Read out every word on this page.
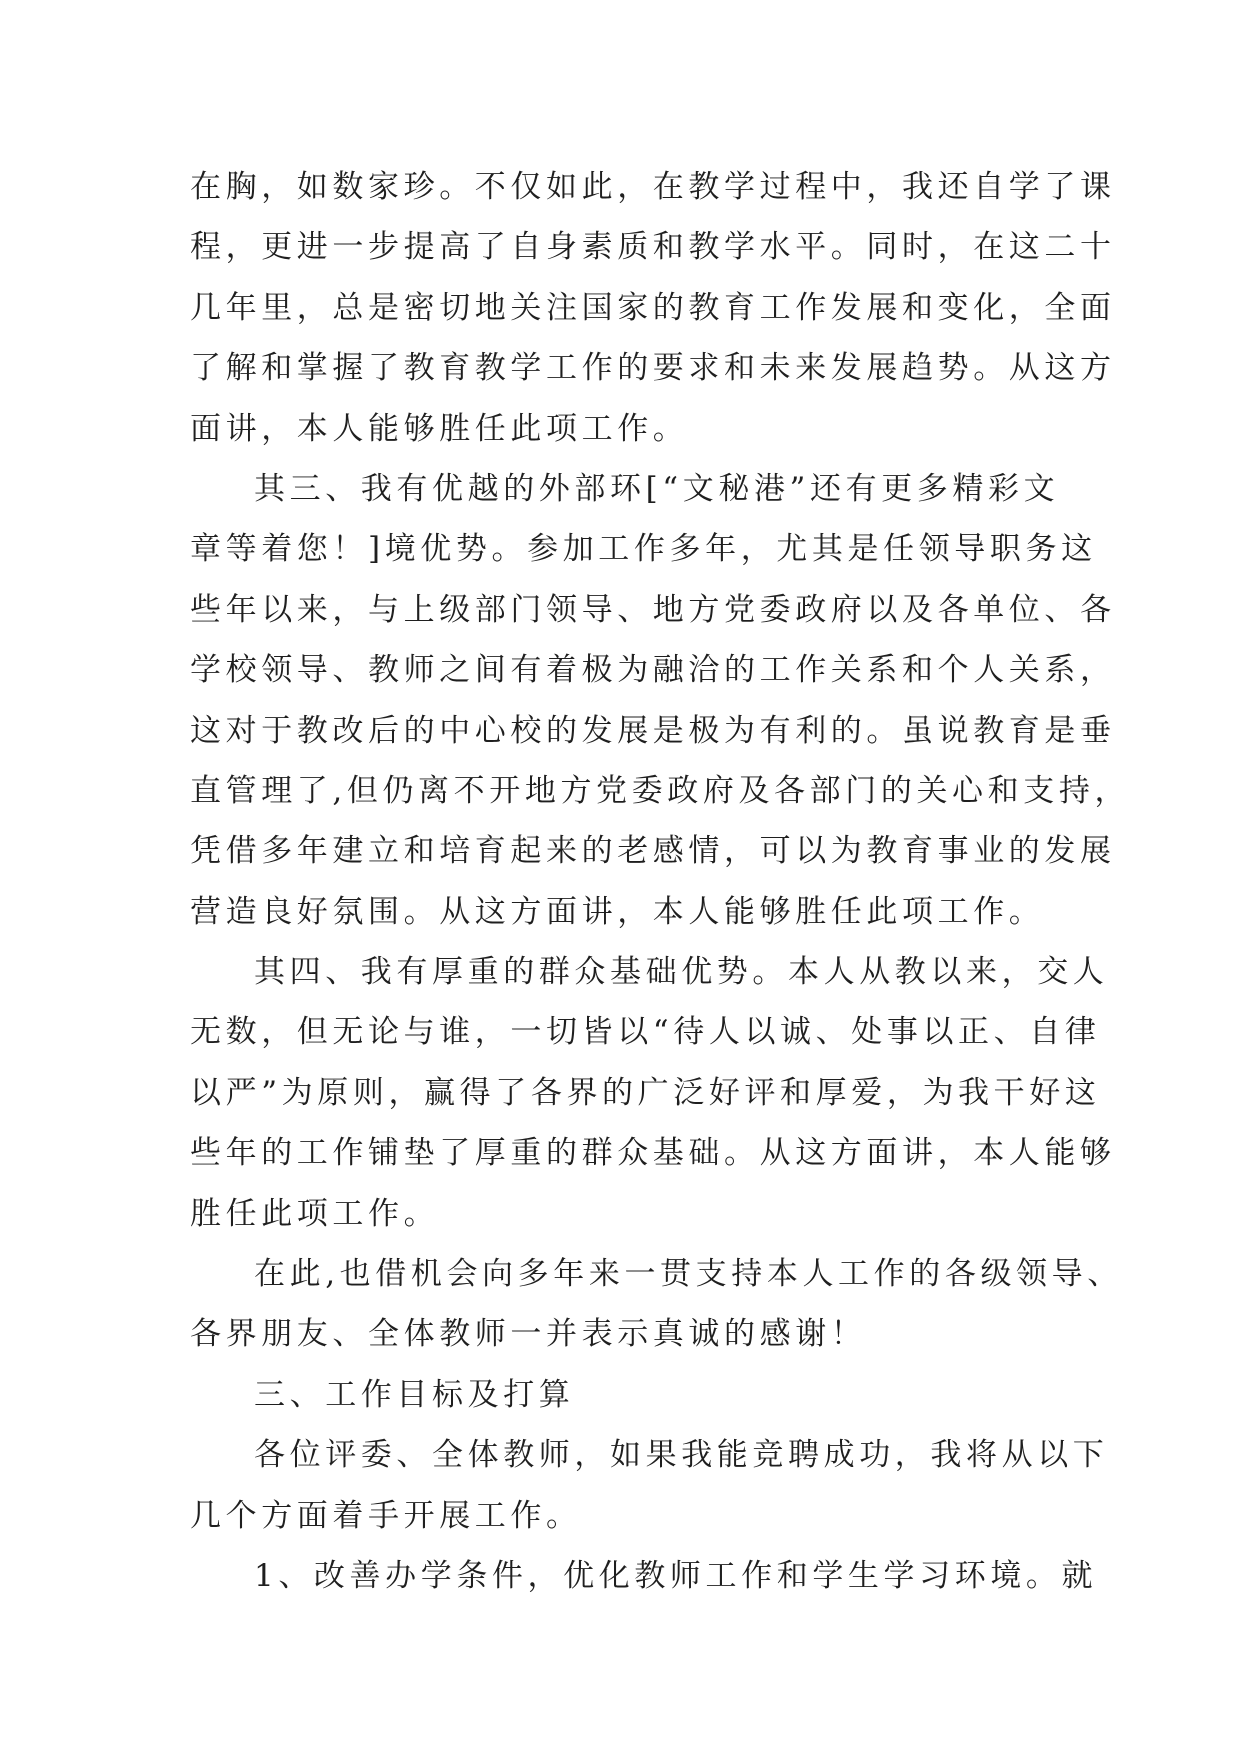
在胸，如数家珍。不仅如此，在教学过程中，我还自学了课
程，更进一步提高了自身素质和教学水平。同时，在这二十
几年里，总是密切地关注国家的教育工作发展和变化，全面
了解和掌握了教育教学工作的要求和未来发展趋势。从这方
面讲，本人能够胜任此项工作。
其三、我有优越的外部环[“文秘港”还有更多精彩文
章等着您！]境优势。参加工作多年，尤其是任领导职务这
些年以来，与上级部门领导、地方党委政府以及各单位、各
学校领导、教师之间有着极为融洽的工作关系和个人关系，
这对于教改后的中心校的发展是极为有利的。虽说教育是垂
直管理了,但仍离不开地方党委政府及各部门的关心和支持，
凭借多年建立和培育起来的老感情，可以为教育事业的发展
营造良好氛围。从这方面讲，本人能够胜任此项工作。
其四、我有厚重的群众基础优势。本人从教以来，交人
无数，但无论与谁，一切皆以“待人以诚、处事以正、自律
以严”为原则，赢得了各界的广泛好评和厚爱，为我干好这
些年的工作铺垫了厚重的群众基础。从这方面讲，本人能够
胜任此项工作。
在此,也借机会向多年来一贯支持本人工作的各级领导、
各界朋友、全体教师一并表示真诚的感谢！
三、工作目标及打算
各位评委、全体教师，如果我能竞聘成功，我将从以下
几个方面着手开展工作。
1、改善办学条件，优化教师工作和学生学习环境。就
